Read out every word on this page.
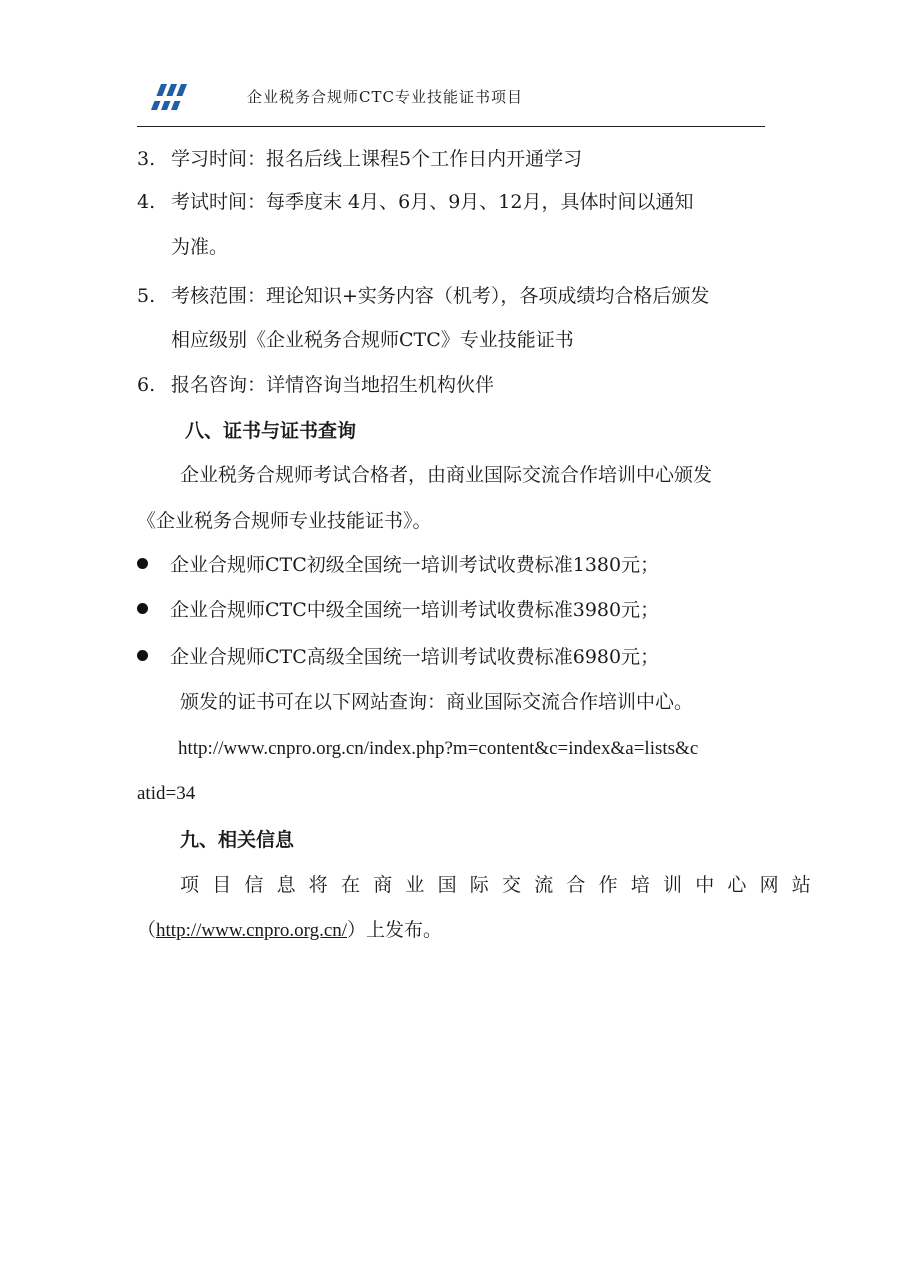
企业税务合规师CTC专业技能证书项目
3. 学习时间：报名后线上课程5个工作日内开通学习
4. 考试时间：每季度末 4月、6月、9月、12月，具体时间以通知
为准。
5. 考核范围：理论知识+实务内容（机考），各项成绩均合格后颁发
相应级别《企业税务合规师CTC》专业技能证书
6. 报名咨询：详情咨询当地招生机构伙伴
八、证书与证书查询
企业税务合规师考试合格者，由商业国际交流合作培训中心颁发
《企业税务合规师专业技能证书》。
企业合规师CTC初级全国统一培训考试收费标准1380元；
企业合规师CTC中级全国统一培训考试收费标准3980元；
企业合规师CTC高级全国统一培训考试收费标准6980元；
颁发的证书可在以下网站查询：商业国际交流合作培训中心。
http://www.cnpro.org.cn/index.php?m=content&c=index&a=lists&c
atid=34
九、相关信息
项目信息将在商业国际交流合作培训中心网站
（http://www.cnpro.org.cn/）上发布。
